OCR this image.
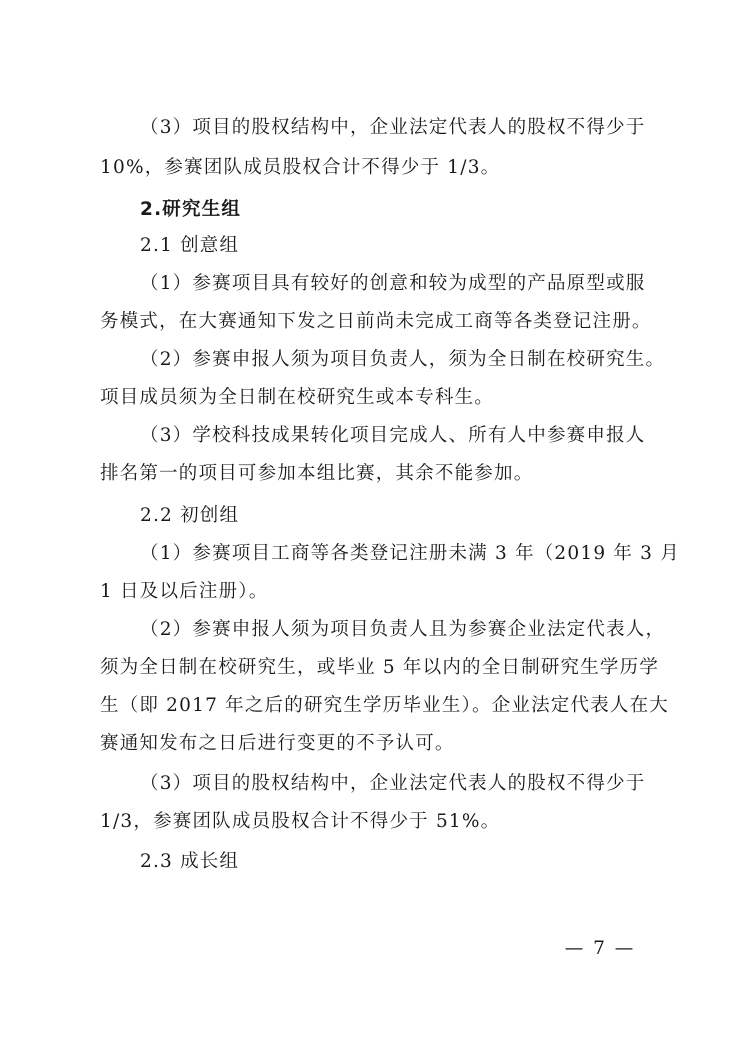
（3）项目的股权结构中，企业法定代表人的股权不得少于
10%，参赛团队成员股权合计不得少于 1/3。
2.研究生组
2.1 创意组
（1）参赛项目具有较好的创意和较为成型的产品原型或服
务模式，在大赛通知下发之日前尚未完成工商等各类登记注册。
（2）参赛申报人须为项目负责人，须为全日制在校研究生。
项目成员须为全日制在校研究生或本专科生。
（3）学校科技成果转化项目完成人、所有人中参赛申报人
排名第一的项目可参加本组比赛，其余不能参加。
2.2 初创组
（1）参赛项目工商等各类登记注册未满 3 年（2019 年 3 月
1 日及以后注册）。
（2）参赛申报人须为项目负责人且为参赛企业法定代表人，
须为全日制在校研究生，或毕业 5 年以内的全日制研究生学历学
生（即 2017 年之后的研究生学历毕业生）。企业法定代表人在大
赛通知发布之日后进行变更的不予认可。
（3）项目的股权结构中，企业法定代表人的股权不得少于
1/3，参赛团队成员股权合计不得少于 51%。
2.3 成长组
— 7 —
